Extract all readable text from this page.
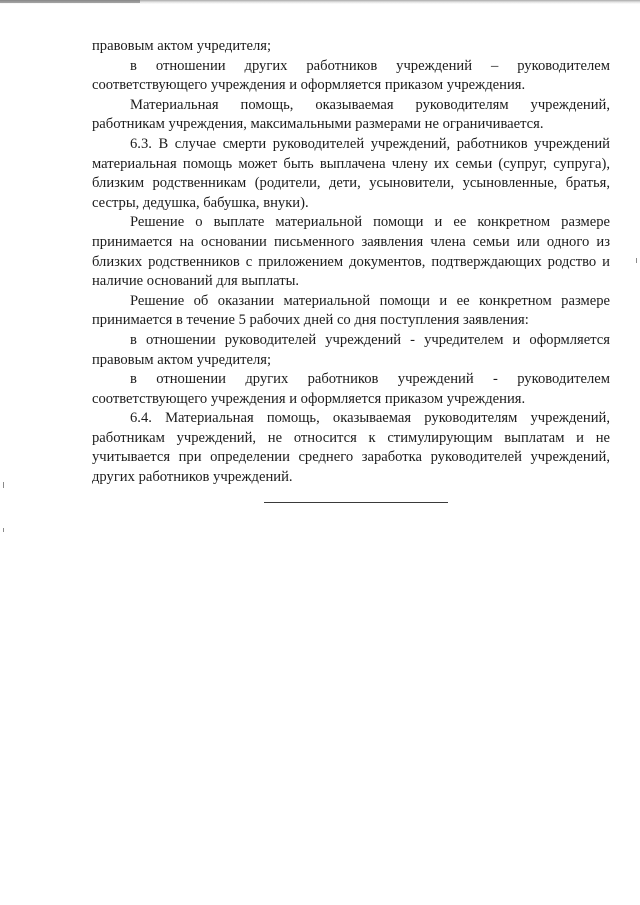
правовым актом учредителя;

в отношении других работников учреждений – руководителем соответствующего учреждения и оформляется приказом учреждения.

Материальная помощь, оказываемая руководителям учреждений, работникам учреждения, максимальными размерами не ограничивается.

6.3. В случае смерти руководителей учреждений, работников учреждений материальная помощь может быть выплачена члену их семьи (супруг, супруга), близким родственникам (родители, дети, усыновители, усыновленные, братья, сестры, дедушка, бабушка, внуки).

Решение о выплате материальной помощи и ее конкретном размере принимается на основании письменного заявления члена семьи или одного из близких родственников с приложением документов, подтверждающих родство и наличие оснований для выплаты.

Решение об оказании материальной помощи и ее конкретном размере принимается в течение 5 рабочих дней со дня поступления заявления:

в отношении руководителей учреждений - учредителем и оформляется правовым актом учредителя;

в отношении других работников учреждений - руководителем соответствующего учреждения и оформляется приказом учреждения.

6.4. Материальная помощь, оказываемая руководителям учреждений, работникам учреждений, не относится к стимулирующим выплатам и не учитывается при определении среднего заработка руководителей учреждений, других работников учреждений.
